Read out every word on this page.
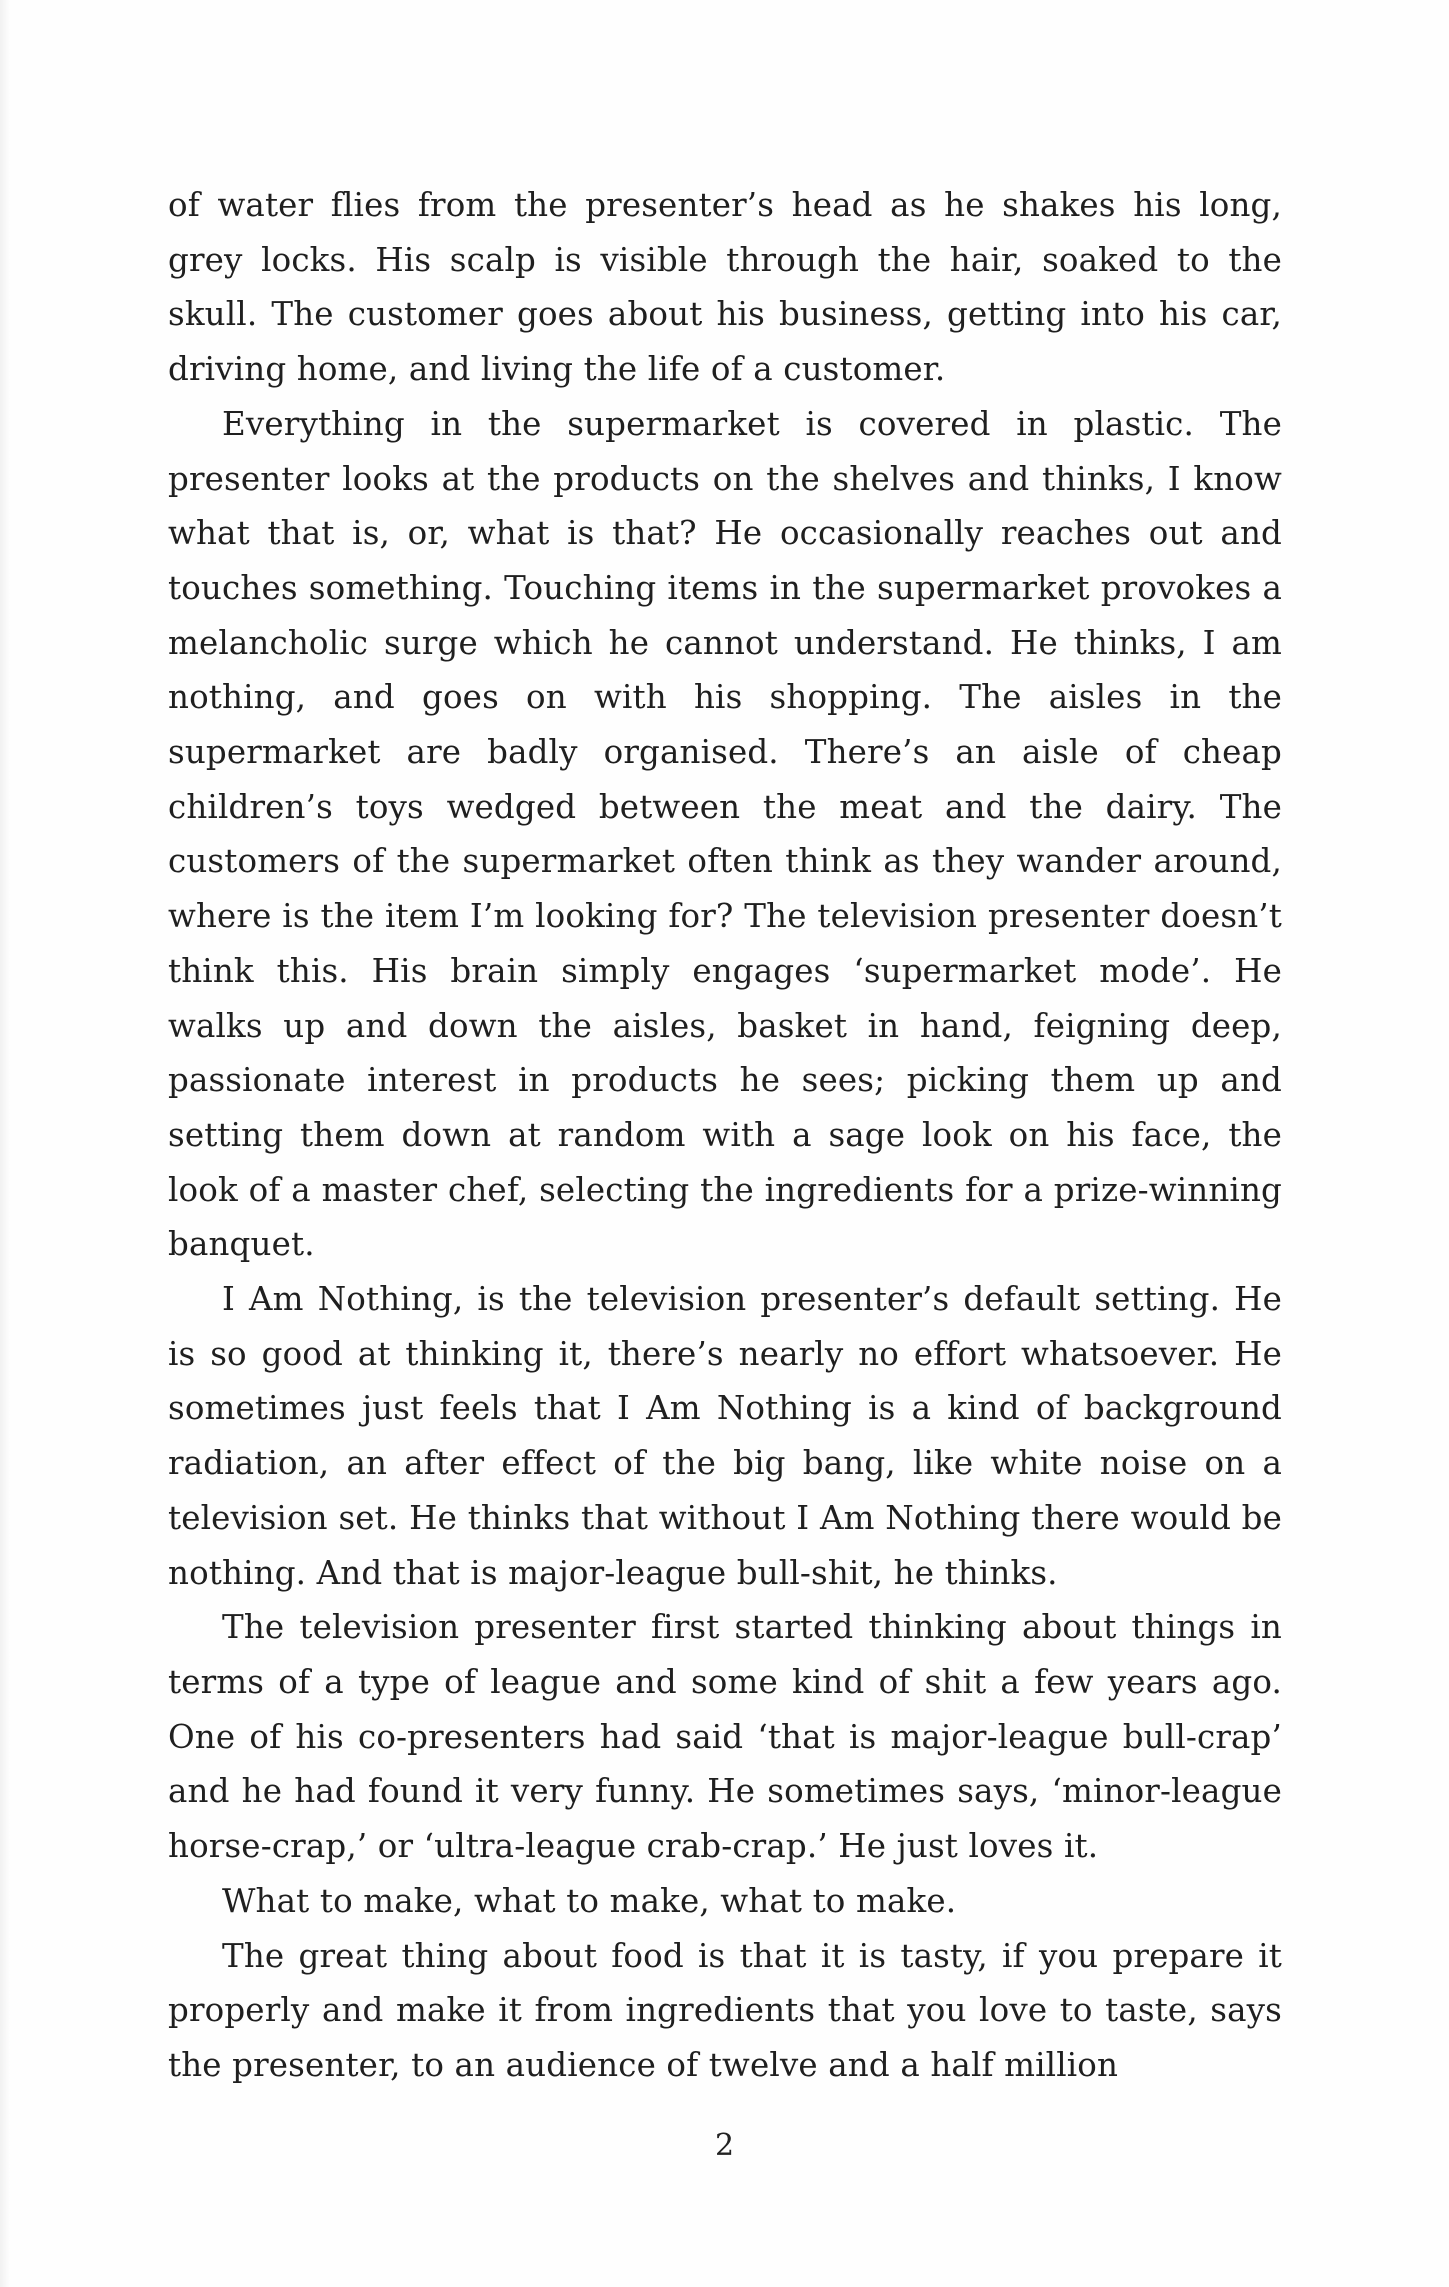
of water flies from the presenter’s head as he shakes his long, grey locks. His scalp is visible through the hair, soaked to the skull. The customer goes about his business, getting into his car, driving home, and living the life of a customer.

Everything in the supermarket is covered in plastic. The presenter looks at the products on the shelves and thinks, I know what that is, or, what is that? He occasionally reaches out and touches something. Touching items in the supermarket provokes a melancholic surge which he cannot understand. He thinks, I am nothing, and goes on with his shopping. The aisles in the supermarket are badly organised. There’s an aisle of cheap children’s toys wedged between the meat and the dairy. The customers of the supermarket often think as they wander around, where is the item I’m looking for? The television presenter doesn’t think this. His brain simply engages ‘supermarket mode’. He walks up and down the aisles, basket in hand, feigning deep, passionate interest in products he sees; picking them up and setting them down at random with a sage look on his face, the look of a master chef, selecting the ingredients for a prize-winning banquet.

I Am Nothing, is the television presenter’s default setting. He is so good at thinking it, there’s nearly no effort whatsoever. He sometimes just feels that I Am Nothing is a kind of background radiation, an after effect of the big bang, like white noise on a television set. He thinks that without I Am Nothing there would be nothing. And that is major-league bull-shit, he thinks.

The television presenter first started thinking about things in terms of a type of league and some kind of shit a few years ago. One of his co-presenters had said ‘that is major-league bull-crap’ and he had found it very funny. He sometimes says, ‘minor-league horse-crap,’ or ‘ultra-league crab-crap.’ He just loves it.

What to make, what to make, what to make.

The great thing about food is that it is tasty, if you prepare it properly and make it from ingredients that you love to taste, says the presenter, to an audience of twelve and a half million

2
